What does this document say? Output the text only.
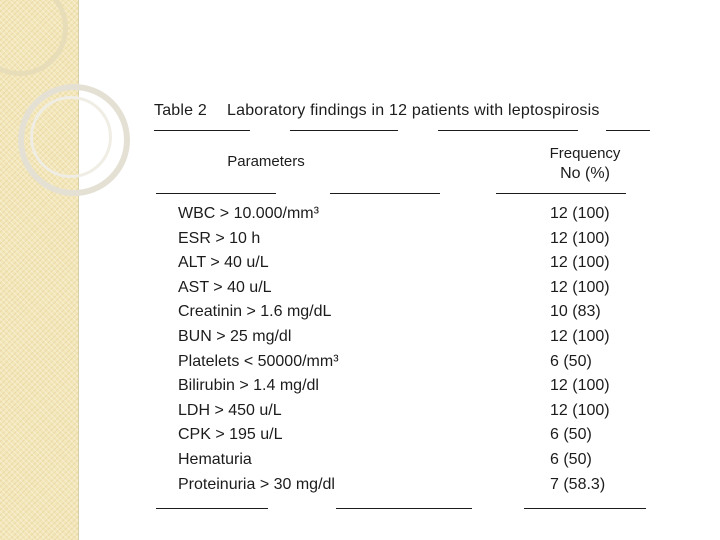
Table 2 Laboratory findings in 12 patients with leptospirosis
Parameters	Frequency
No (%)
WBC > 10.000/mm³	12 (100)
ESR > 10 h	12 (100)
ALT > 40 u/L	12 (100)
AST > 40 u/L	12 (100)
Creatinin > 1.6 mg/dL	10 (83)
BUN > 25 mg/dl	12 (100)
Platelets < 50000/mm³	6 (50)
Bilirubin > 1.4 mg/dl	12 (100)
LDH > 450 u/L	12 (100)
CPK > 195 u/L	6 (50)
Hematuria	6 (50)
Proteinuria > 30 mg/dl	7 (58.3)
